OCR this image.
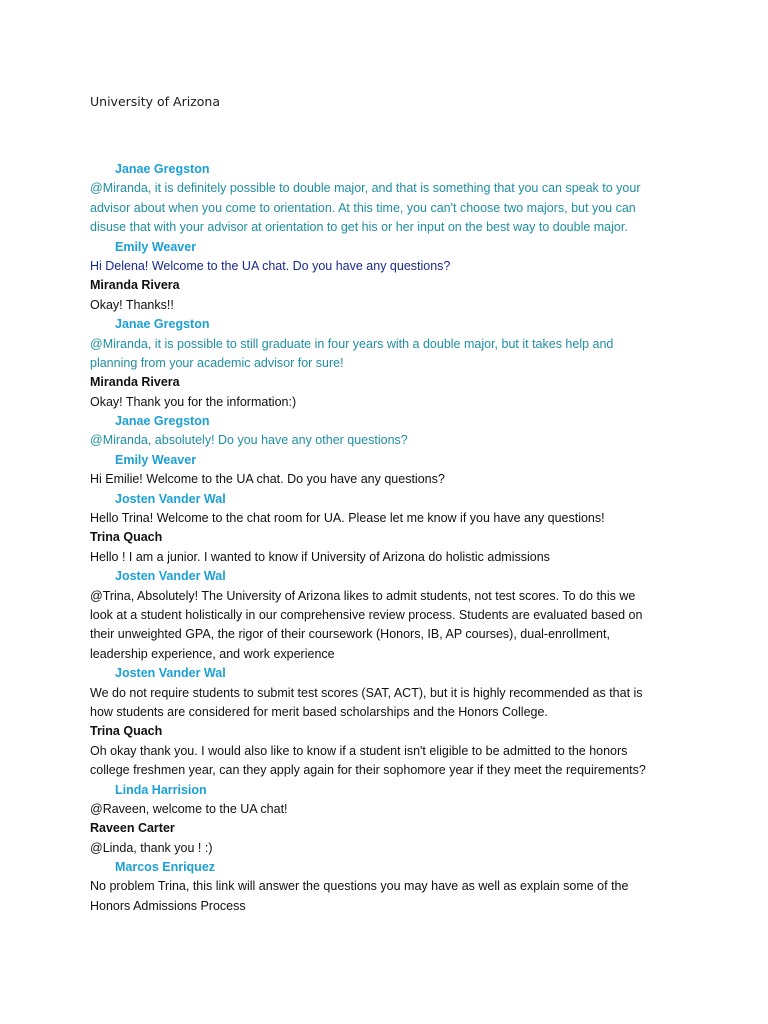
University of Arizona
Janae Gregston
@Miranda, it is definitely possible to double major, and that is something that you can speak to your
advisor about when you come to orientation. At this time, you can't choose two majors, but you can
disuse that with your advisor at orientation to get his or her input on the best way to double major.
Emily Weaver
Hi Delena! Welcome to the UA chat. Do you have any questions?
Miranda Rivera
Okay! Thanks!!
Janae Gregston
@Miranda, it is possible to still graduate in four years with a double major, but it takes help and
planning from your academic advisor for sure!
Miranda Rivera
Okay! Thank you for the information:)
Janae Gregston
@Miranda, absolutely! Do you have any other questions?
Emily Weaver
Hi Emilie! Welcome to the UA chat. Do you have any questions?
Josten Vander Wal
Hello Trina! Welcome to the chat room for UA. Please let me know if you have any questions!
Trina Quach
Hello ! I am a junior. I wanted to know if University of Arizona do holistic admissions
Josten Vander Wal
@Trina, Absolutely! The University of Arizona likes to admit students, not test scores. To do this we
look at a student holistically in our comprehensive review process. Students are evaluated based on
their unweighted GPA, the rigor of their coursework (Honors, IB, AP courses), dual-enrollment,
leadership experience, and work experience
Josten Vander Wal
We do not require students to submit test scores (SAT, ACT), but it is highly recommended as that is
how students are considered for merit based scholarships and the Honors College.
Trina Quach
Oh okay thank you. I would also like to know if a student isn't eligible to be admitted to the honors
college freshmen year, can they apply again for their sophomore year if they meet the requirements?
Linda Harrision
@Raveen, welcome to the UA chat!
Raveen Carter
@Linda, thank you ! :)
Marcos Enriquez
No problem Trina, this link will answer the questions you may have as well as explain some of the
Honors Admissions Process
